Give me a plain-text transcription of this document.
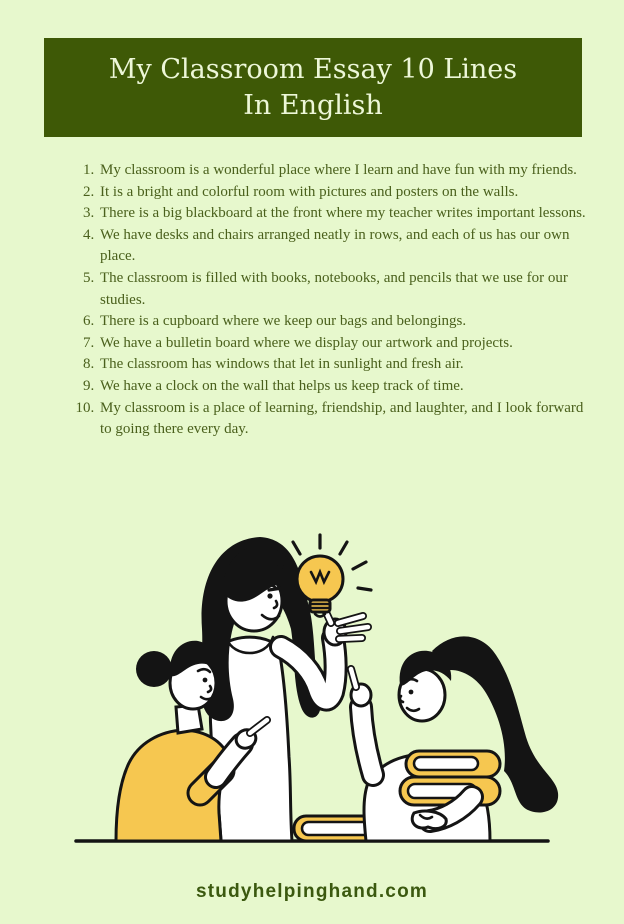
My Classroom Essay 10 Lines
In English
1. My classroom is a wonderful place where I learn and have fun with my friends.
2. It is a bright and colorful room with pictures and posters on the walls.
3. There is a big blackboard at the front where my teacher writes important lessons.
4. We have desks and chairs arranged neatly in rows, and each of us has our own place.
5. The classroom is filled with books, notebooks, and pencils that we use for our studies.
6. There is a cupboard where we keep our bags and belongings.
7. We have a bulletin board where we display our artwork and projects.
8. The classroom has windows that let in sunlight and fresh air.
9. We have a clock on the wall that helps us keep track of time.
10. My classroom is a place of learning, friendship, and laughter, and I look forward to going there every day.
studyhelpinghand.com
